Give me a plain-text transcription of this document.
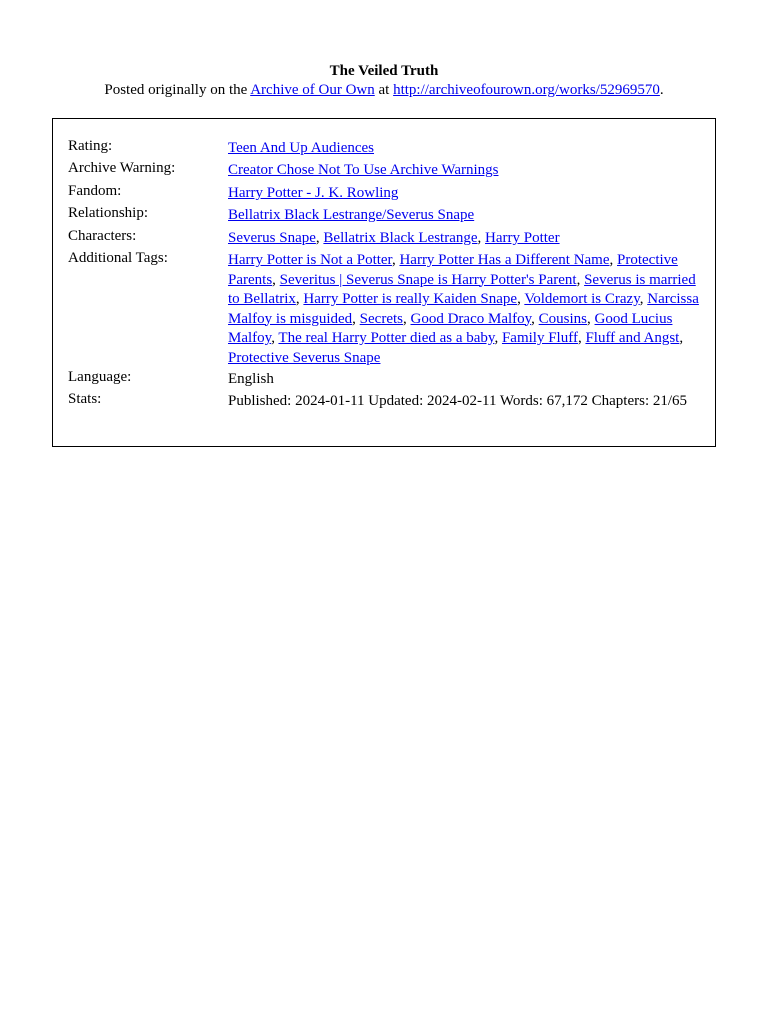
The Veiled Truth
Posted originally on the Archive of Our Own at http://archiveofourown.org/works/52969570.
Rating:	Teen And Up Audiences
Archive Warning:	Creator Chose Not To Use Archive Warnings
Fandom:	Harry Potter - J. K. Rowling
Relationship:	Bellatrix Black Lestrange/Severus Snape
Characters:	Severus Snape, Bellatrix Black Lestrange, Harry Potter
Additional Tags:	Harry Potter is Not a Potter, Harry Potter Has a Different Name, Protective Parents, Severitus | Severus Snape is Harry Potter's Parent, Severus is married to Bellatrix, Harry Potter is really Kaiden Snape, Voldemort is Crazy, Narcissa Malfoy is misguided, Secrets, Good Draco Malfoy, Cousins, Good Lucius Malfoy, The real Harry Potter died as a baby, Family Fluff, Fluff and Angst, Protective Severus Snape
Language:	English
Stats:	Published: 2024-01-11 Updated: 2024-02-11 Words: 67,172 Chapters: 21/65
